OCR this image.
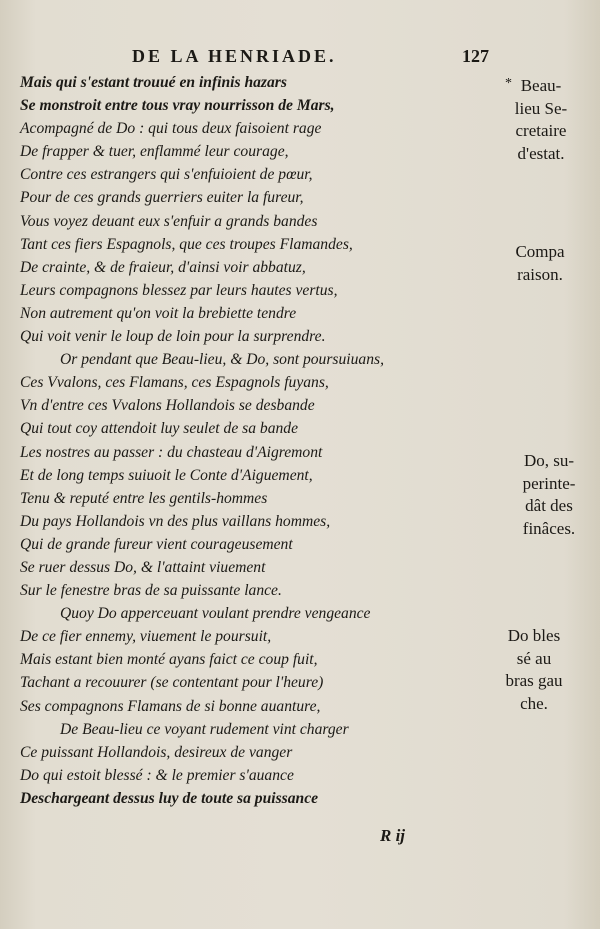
DE LA HENRIADE.	127
Mais qui s'estant trouué en infinis hazars
Se monstroit entre tous vray nourrisson de Mars,
Acompagné de Do : qui tous deux faisoient rage
De frapper & tuer, enflammé leur courage,
Contre ces estrangers qui s'enfuioient de pœur,
Pour de ces grands guerriers euiter la fureur,
Vous voyez deuant eux s'enfuir a grands bandes
Tant ces fiers Espagnols, que ces troupes Flamandes,
De crainte, & de fraieur, d'ainsi voir abbatuz,
Leurs compagnons blessez par leurs hautes vertus,
Non autrement qu'on voit la brebiette tendre
Qui voit venir le loup de loin pour la surprendre.
Or pendant que Beau-lieu, & Do, sont poursuiuans,
Ces Vvalons, ces Flamans, ces Espagnols fuyans,
Vn d'entre ces Vvalons Hollandois se desbande
Qui tout coy attendoit luy seulet de sa bande
Les nostres au passer : du chasteau d'Aigremont
Et de long temps suiuoit le Conte d'Aiguement,
Tenu & reputé entre les gentils-hommes
Du pays Hollandois vn des plus vaillans hommes,
Qui de grande fureur vient courageusement
Se ruer dessus Do, & l'attaint viuement
Sur le fenestre bras de sa puissante lance.
Quoy Do apperceuant voulant prendre vengeance
De ce fier ennemy, viuement le poursuit,
Mais estant bien monté ayans faict ce coup fuit,
Tachant a recouurer (se contentant pour l'heure)
Ses compagnons Flamans de si bonne auanture,
De Beau-lieu ce voyant rudement vint charger
Ce puissant Hollandois, desireux de vanger
Do qui estoit blessé : & le premier s'auance
Deschargeant dessus luy de toute sa puissance
* Beau-
lieu Se-
cretaire
d'estat.
Compa
raison.
Do, su-
perinte-
dât des
finâces.
Do bles
sé au
bras gau
che.
R ij
